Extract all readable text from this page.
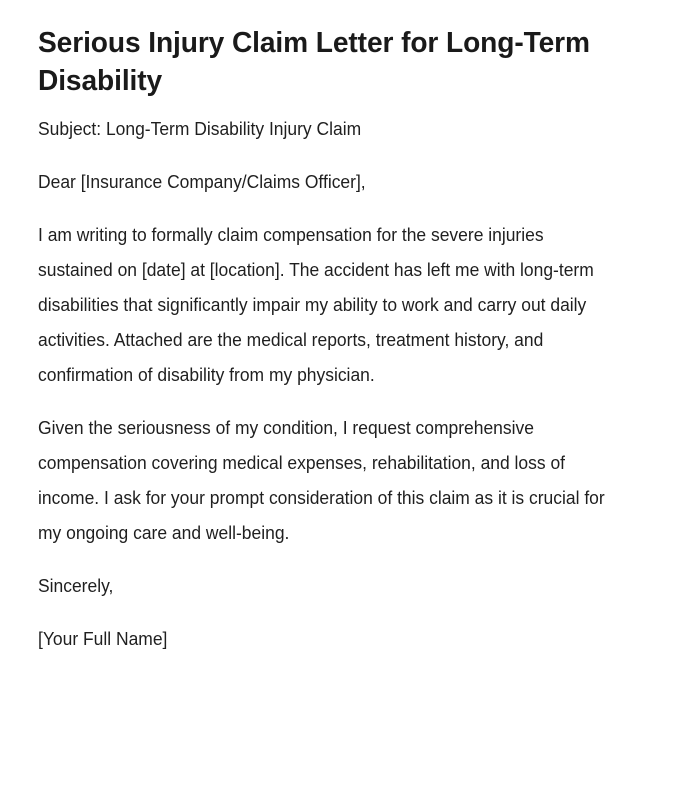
Serious Injury Claim Letter for Long-Term Disability

Subject: Long-Term Disability Injury Claim

Dear [Insurance Company/Claims Officer],

I am writing to formally claim compensation for the severe injuries sustained on [date] at [location]. The accident has left me with long-term disabilities that significantly impair my ability to work and carry out daily activities. Attached are the medical reports, treatment history, and confirmation of disability from my physician.

Given the seriousness of my condition, I request comprehensive compensation covering medical expenses, rehabilitation, and loss of income. I ask for your prompt consideration of this claim as it is crucial for my ongoing care and well-being.

Sincerely,

[Your Full Name]
